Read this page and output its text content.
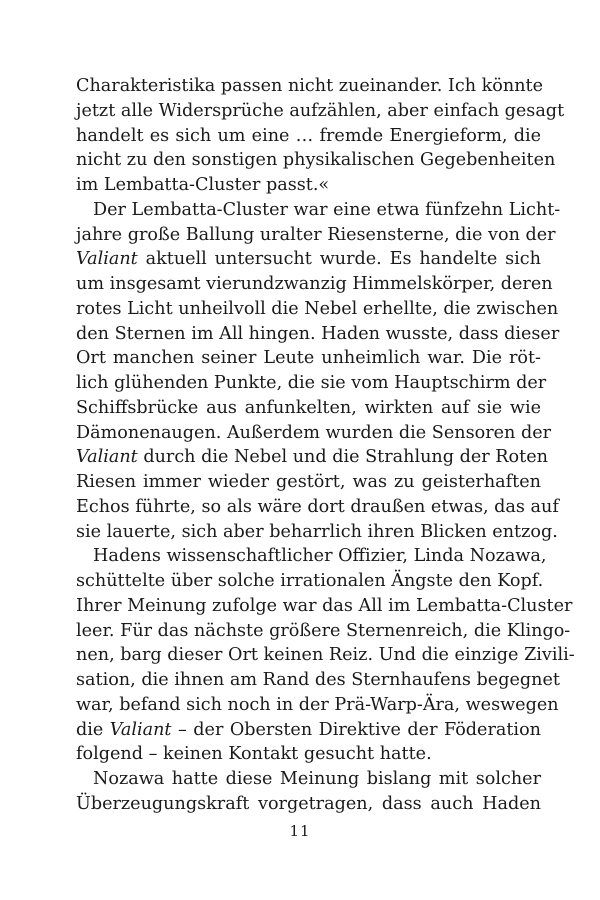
Charakteristika passen nicht zueinander. Ich könnte
jetzt alle Widersprüche aufzählen, aber einfach gesagt
handelt es sich um eine … fremde Energieform, die
nicht zu den sonstigen physikalischen Gegebenheiten
im Lembatta-Cluster passt.«
Der Lembatta-Cluster war eine etwa fünfzehn Licht-
jahre große Ballung uralter Riesensterne, die von der
Valiant aktuell untersucht wurde. Es handelte sich
um insgesamt vierundzwanzig Himmelskörper, deren
rotes Licht unheilvoll die Nebel erhellte, die zwischen
den Sternen im All hingen. Haden wusste, dass dieser
Ort manchen seiner Leute unheimlich war. Die röt-
lich glühenden Punkte, die sie vom Hauptschirm der
Schiffsbrücke aus anfunkelten, wirkten auf sie wie
Dämonenaugen. Außerdem wurden die Sensoren der
Valiant durch die Nebel und die Strahlung der Roten
Riesen immer wieder gestört, was zu geisterhaften
Echos führte, so als wäre dort draußen etwas, das auf
sie lauerte, sich aber beharrlich ihren Blicken entzog.
Hadens wissenschaftlicher Offizier, Linda Nozawa,
schüttelte über solche irrationalen Ängste den Kopf.
Ihrer Meinung zufolge war das All im Lembatta-Cluster
leer. Für das nächste größere Sternenreich, die Klingo-
nen, barg dieser Ort keinen Reiz. Und die einzige Zivili-
sation, die ihnen am Rand des Sternhaufens begegnet
war, befand sich noch in der Prä-Warp-Ära, weswegen
die Valiant – der Obersten Direktive der Föderation
folgend – keinen Kontakt gesucht hatte.
Nozawa hatte diese Meinung bislang mit solcher
Überzeugungskraft vorgetragen, dass auch Haden
11
